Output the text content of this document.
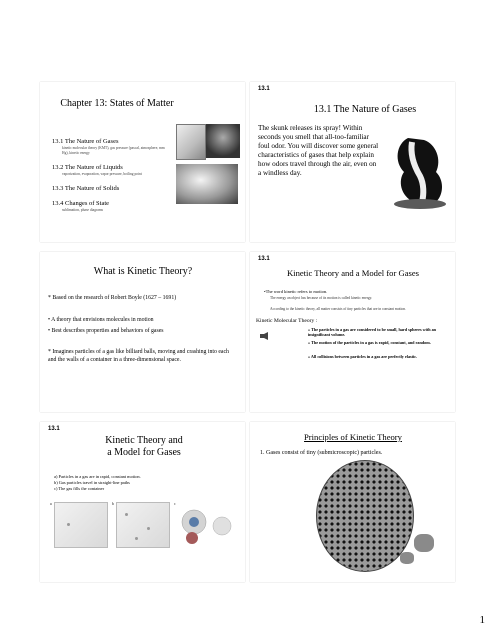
Chapter 13: States of Matter
13.1 The Nature of Gases
kinetic molecular theory (KMT), gas pressure (pascal, atmosphere, mm Hg), kinetic energy
13.2 The Nature of Liquids
vaporization, evaporation, vapor pressure, boiling point
13.3 The Nature of Solids
13.4 Changes of State
sublimation, phase diagrams
13.1
13.1 The Nature of Gases
The skunk releases its spray! Within seconds you smell that all-too-familiar foul odor. You will discover some general characteristics of gases that help explain how odors travel through the air, even on a windless day.
What is Kinetic Theory?
* Based on the research of Robert Boyle (1627 – 1691)
• A theory that envisions molecules in motion
• Best describes properties and behaviors of gases
* Imagines particles of a gas like billiard balls, moving and crashing into each and the walls of a container in a three-dimensional space.
13.1
Kinetic Theory and a Model for Gases
•The word kinetic refers to motion.
The energy an object has because of its motion is called kinetic energy.
According to the kinetic theory, all matter consists of tiny particles that are in constant motion.
Kinetic Molecular Theory :
» The particles in a gas are considered to be small, hard spheres with an insignificant volume.
» The motion of the particles in a gas is rapid, constant, and random.
» All collisions between particles in a gas are perfectly elastic.
13.1
Kinetic Theory and
a Model for Gases
a) Particles in a gas are in rapid, constant motion.
b) Gas particles travel in straight-line paths
c) The gas fills the container
a	b	c
Principles of Kinetic Theory
1. Gases consist of tiny (submicroscopic) particles.
1
